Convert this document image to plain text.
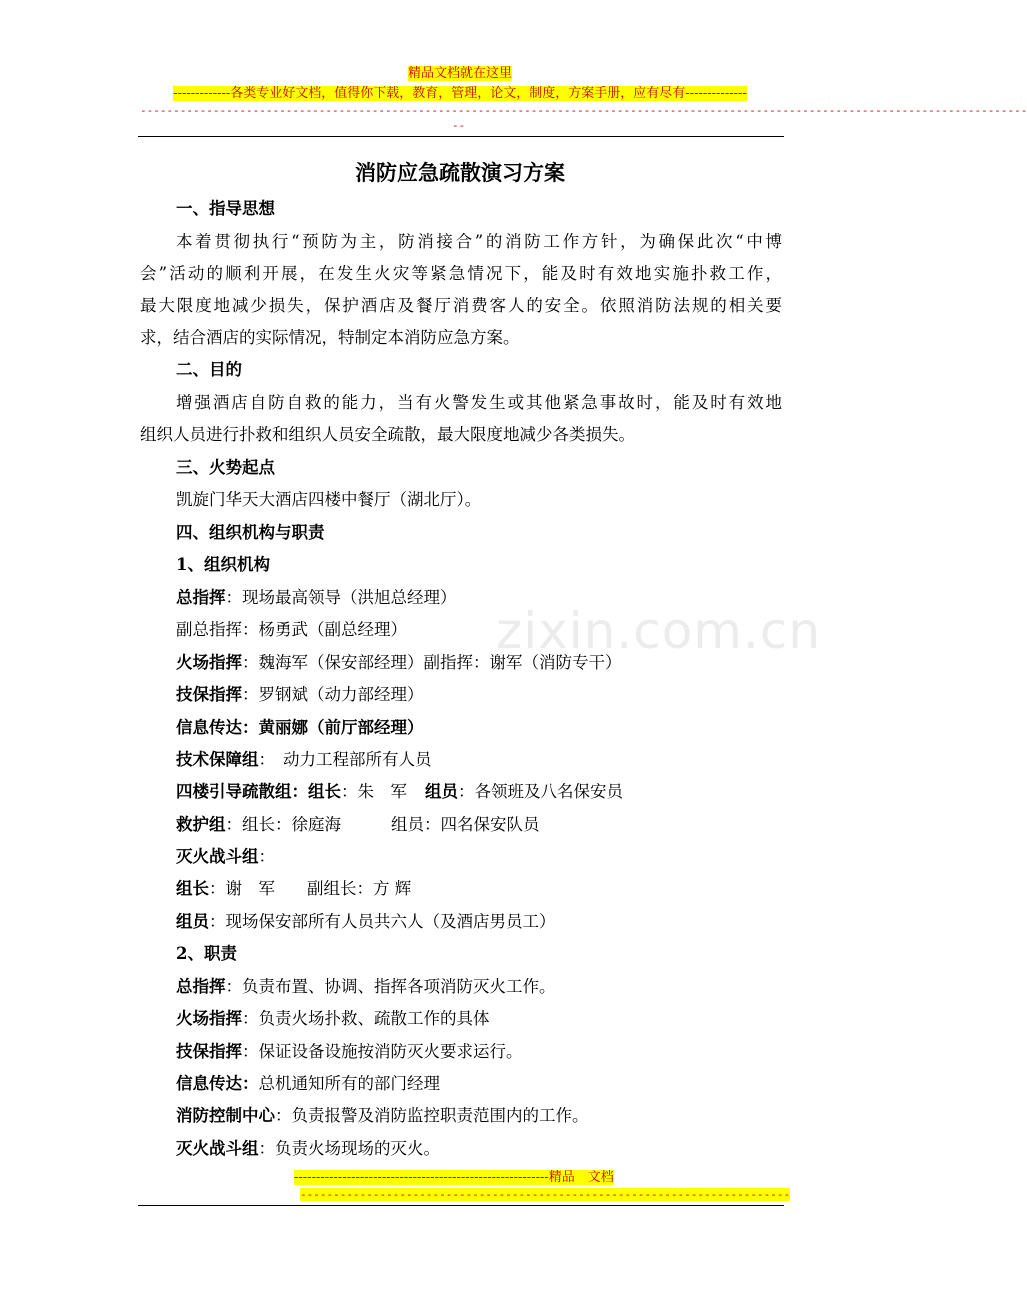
精品文档就在这里
-------------各类专业好文档，值得你下载，教育，管理，论文，制度，方案手册，应有尽有--------------
--------------------------------------------------------------------------------------------------------------------------------------
--
zixin.com.cn
消防应急疏散演习方案
一、指导思想
本着贯彻执行“预防为主，防消接合”的消防工作方针，为确保此次“中博
会”活动的顺利开展，在发生火灾等紧急情况下，能及时有效地实施扑救工作，
最大限度地减少损失，保护酒店及餐厅消费客人的安全。依照消防法规的相关要
求，结合酒店的实际情况，特制定本消防应急方案。
二、目的
增强酒店自防自救的能力，当有火警发生或其他紧急事故时，能及时有效地
组织人员进行扑救和组织人员安全疏散，最大限度地减少各类损失。
三、火势起点
凯旋门华天大酒店四楼中餐厅（湖北厅）。
四、组织机构与职责
1、组织机构
总指挥：现场最高领导（洪旭总经理）
副总指挥：杨勇武（副总经理）
火场指挥：魏海军（保安部经理）副指挥：谢军（消防专干）
技保指挥：罗钢斌（动力部经理）
信息传达：黄丽娜（前厅部经理）
技术保障组： 动力工程部所有人员
四楼引导疏散组：组长：朱　军 组员：各领班及八名保安员
救护组：组长：徐庭海	组员：四名保安队员
灭火战斗组：
组长：谢　军 副组长：方 辉
组员：现场保安部所有人员共六人（及酒店男员工）
2、职责
总指挥：负责布置、协调、指挥各项消防灭火工作。
火场指挥：负责火场扑救、疏散工作的具体
技保指挥：保证设备设施按消防灭火要求运行。
信息传达：总机通知所有的部门经理
消防控制中心：负责报警及消防监控职责范围内的工作。
灭火战斗组：负责火场现场的灭火。
----------------------------------------------------------精品　文档
--------------------------------------------------------------------------
